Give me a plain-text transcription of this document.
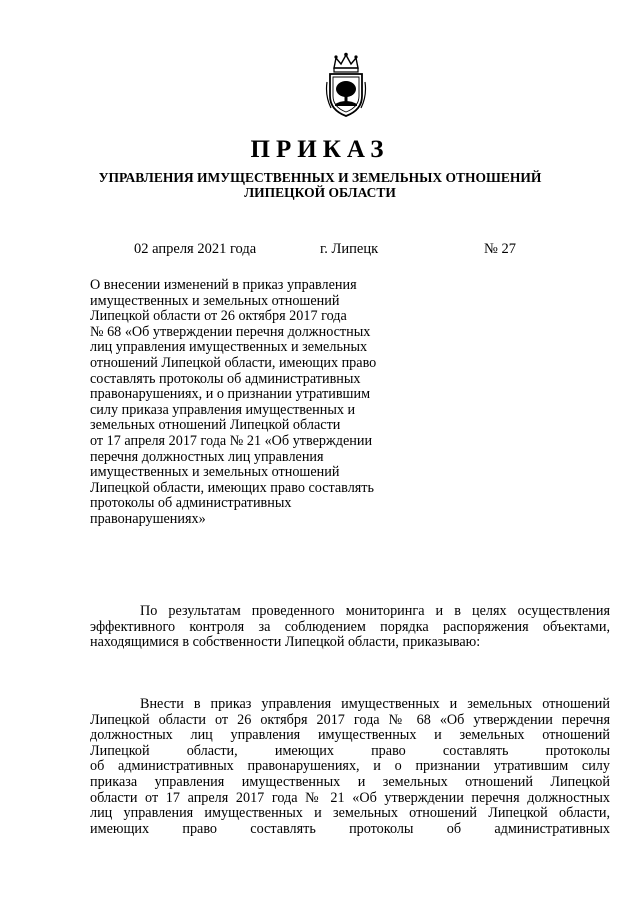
ПРИКАЗ
УПРАВЛЕНИЯ ИМУЩЕСТВЕННЫХ И ЗЕМЕЛЬНЫХ ОТНОШЕНИЙ
ЛИПЕЦКОЙ ОБЛАСТИ
02 апреля 2021 года	г. Липецк	№ 27
О внесении изменений в приказ управления
имущественных и земельных отношений
Липецкой области от 26 октября 2017 года
№ 68 «Об утверждении перечня должностных
лиц управления имущественных и земельных
отношений Липецкой области, имеющих право
составлять протоколы об административных
правонарушениях, и о признании утратившим
силу приказа управления имущественных и
земельных отношений Липецкой области
от 17 апреля 2017 года № 21 «Об утверждении
перечня должностных лиц управления
имущественных и земельных отношений
Липецкой области, имеющих право составлять
протоколы об административных
правонарушениях»
По результатам проведенного мониторинга и в целях осуществления
эффективного контроля за соблюдением порядка распоряжения объектами,
находящимися в собственности Липецкой области, приказываю:
Внести в приказ управления имущественных и земельных отношений
Липецкой области от 26 октября 2017 года № 68 «Об утверждении перечня
должностных лиц управления имущественных и земельных отношений
Липецкой области, имеющих право составлять протоколы
об административных правонарушениях, и о признании утратившим силу
приказа управления имущественных и земельных отношений Липецкой
области от 17 апреля 2017 года № 21 «Об утверждении перечня должностных
лиц управления имущественных и земельных отношений Липецкой области,
имеющих право составлять протоколы об административных
